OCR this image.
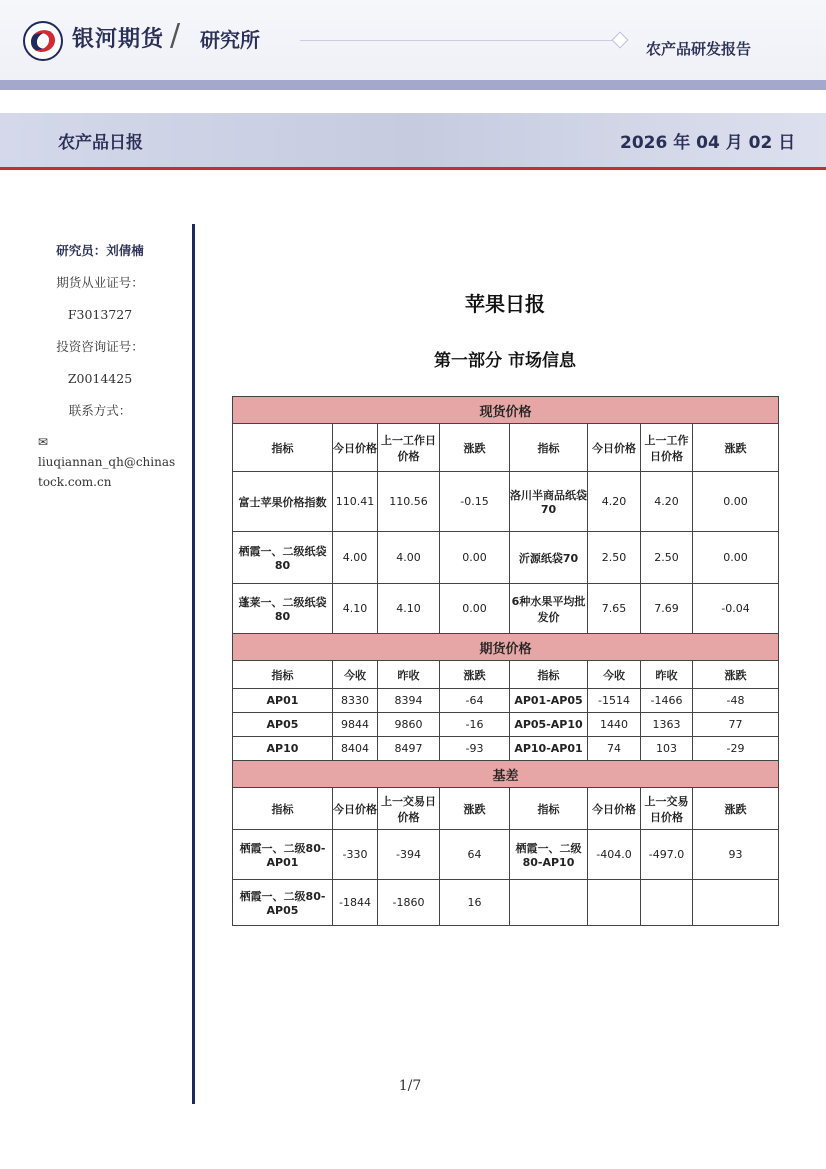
银河期货 / 研究所	农产品研发报告
农产品日报	2026 年 04 月 02 日
研究员：刘倩楠
期货从业证号：
F3013727
投资咨询证号：
Z0014425
联系方式：
✉liuqiannan_qh@chinas
tock.com.cn
苹果日报
第一部分 市场信息
现货价格							
指标	今日价格	上一工作日价格	涨跌	指标	今日价格	上一工作日价格	涨跌
富士苹果价格指数	110.41	110.56	-0.15	洛川半商品纸袋70	4.20	4.20	0.00
栖霞一、二级纸袋 80	4.00	4.00	0.00	沂源纸袋70	2.50	2.50	0.00
蓬莱一、二级纸袋 80	4.10	4.10	0.00	6种水果平均批发价	7.65	7.69	-0.04
期货价格							
指标	今收	昨收	涨跌	指标	今收	昨收	涨跌
AP01	8330	8394	-64	AP01-AP05	-1514	-1466	-48
AP05	9844	9860	-16	AP05-AP10	1440	1363	77
AP10	8404	8497	-93	AP10-AP01	74	103	-29
基差							
指标	今日价格	上一交易日价格	涨跌	指标	今日价格	上一交易日价格	涨跌
栖霞一、二级80-AP01	-330	-394	64	栖霞一、二级80-AP10	-404.0	-497.0	93
栖霞一、二级80-AP05	-1844	-1860	16				
1/7
